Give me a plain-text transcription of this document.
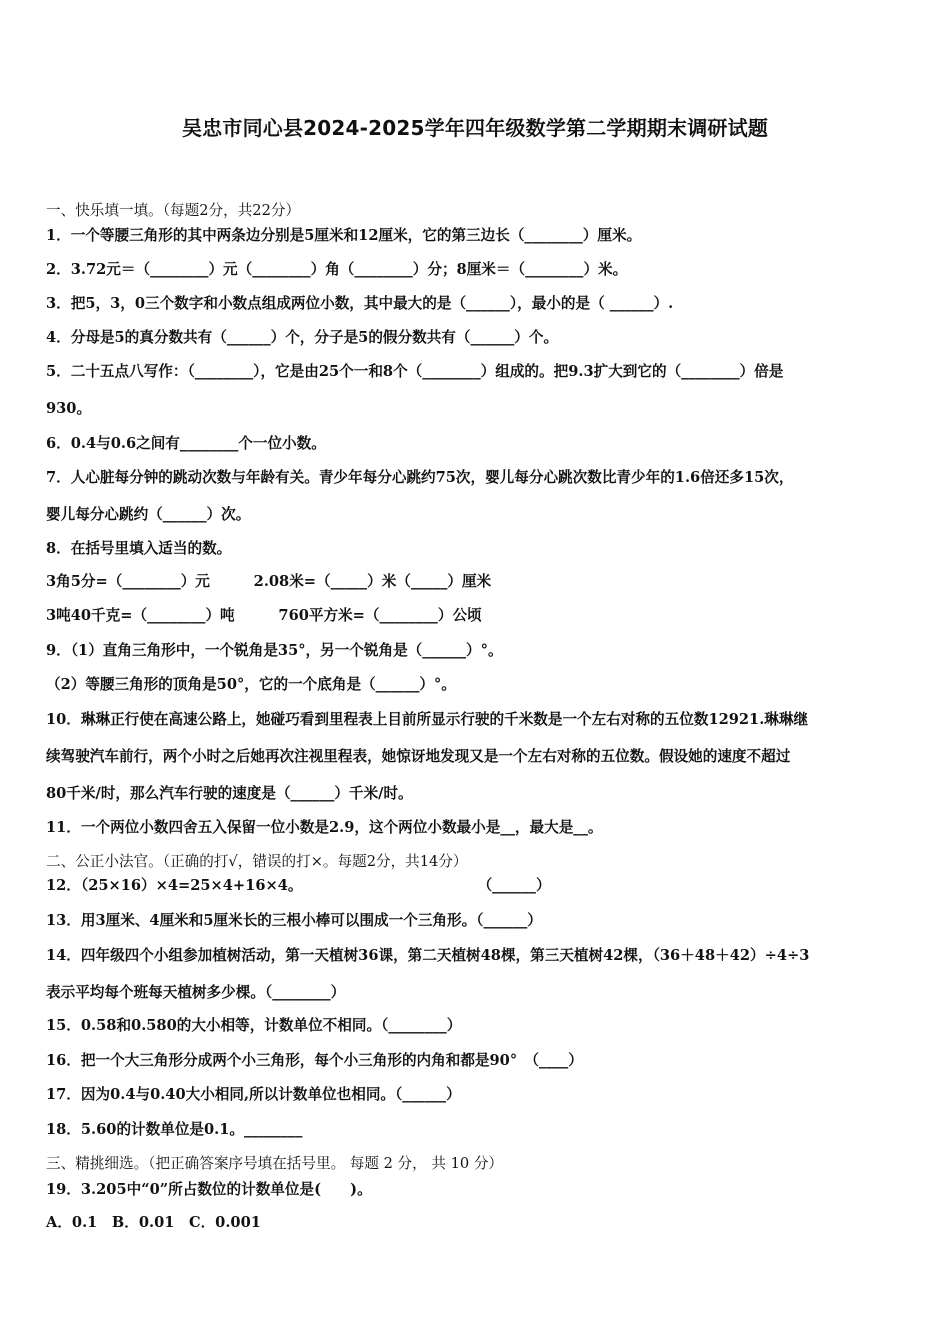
吴忠市同心县2024-2025学年四年级数学第二学期期末调研试题
一、快乐填一填。（每题2分，共22分）
1．一个等腰三角形的其中两条边分别是5厘米和12厘米，它的第三边长（________）厘米。
2．3.72元＝（________）元（________）角（________）分；8厘米＝（________）米。
3．把5，3，0三个数字和小数点组成两位小数，其中最大的是（______），最小的是（ ______）.
4．分母是5的真分数共有（______）个，分子是5的假分数共有（______）个。
5．二十五点八写作：（________），它是由25个一和8个（________）组成的。把9.3扩大到它的（________）倍是
930。
6．0.4与0.6之间有________个一位小数。
7．人心脏每分钟的跳动次数与年龄有关。青少年每分心跳约75次，婴儿每分心跳次数比青少年的1.6倍还多15次，
婴儿每分心跳约（______）次。
8．在括号里填入适当的数。
3角5分=（________）元　　　2.08米=（_____）米（_____）厘米
3吨40千克=（________）吨　　　760平方米=（________）公顷
9．（1）直角三角形中，一个锐角是35°，另一个锐角是（______）°。
（2）等腰三角形的顶角是50°，它的一个底角是（______）°。
10．琳琳正行使在高速公路上，她碰巧看到里程表上目前所显示行驶的千米数是一个左右对称的五位数12921.琳琳继
续驾驶汽车前行，两个小时之后她再次注视里程表，她惊讶地发现又是一个左右对称的五位数。假设她的速度不超过
80千米/时，那么汽车行驶的速度是（______）千米/时。
11．一个两位小数四舍五入保留一位小数是2.9，这个两位小数最小是__，最大是__。
二、公正小法官。（正确的打√，错误的打×。每题2分，共14分）
12．（25×16）×4=25×4+16×4。　　　　　　　　　　　　　（______）
13．用3厘米、4厘米和5厘米长的三根小棒可以围成一个三角形。（______）
14．四年级四个小组参加植树活动，第一天植树36课，第二天植树48棵，第三天植树42棵，（36＋48＋42）÷4÷3
表示平均每个班每天植树多少棵。（________）
15．0.58和0.580的大小相等，计数单位不相同。（________）
16．把一个大三角形分成两个小三角形，每个小三角形的内角和都是90°　（____）
17．因为0.4与0.40大小相同,所以计数单位也相同。（______）
18．5.60的计数单位是0.1。________
三、精挑细选。（把正确答案序号填在括号里。 每题 2 分， 共 10 分）
19．3.205中“0”所占数位的计数单位是(　　)。
A．0.1　B．0.01　C．0.001
